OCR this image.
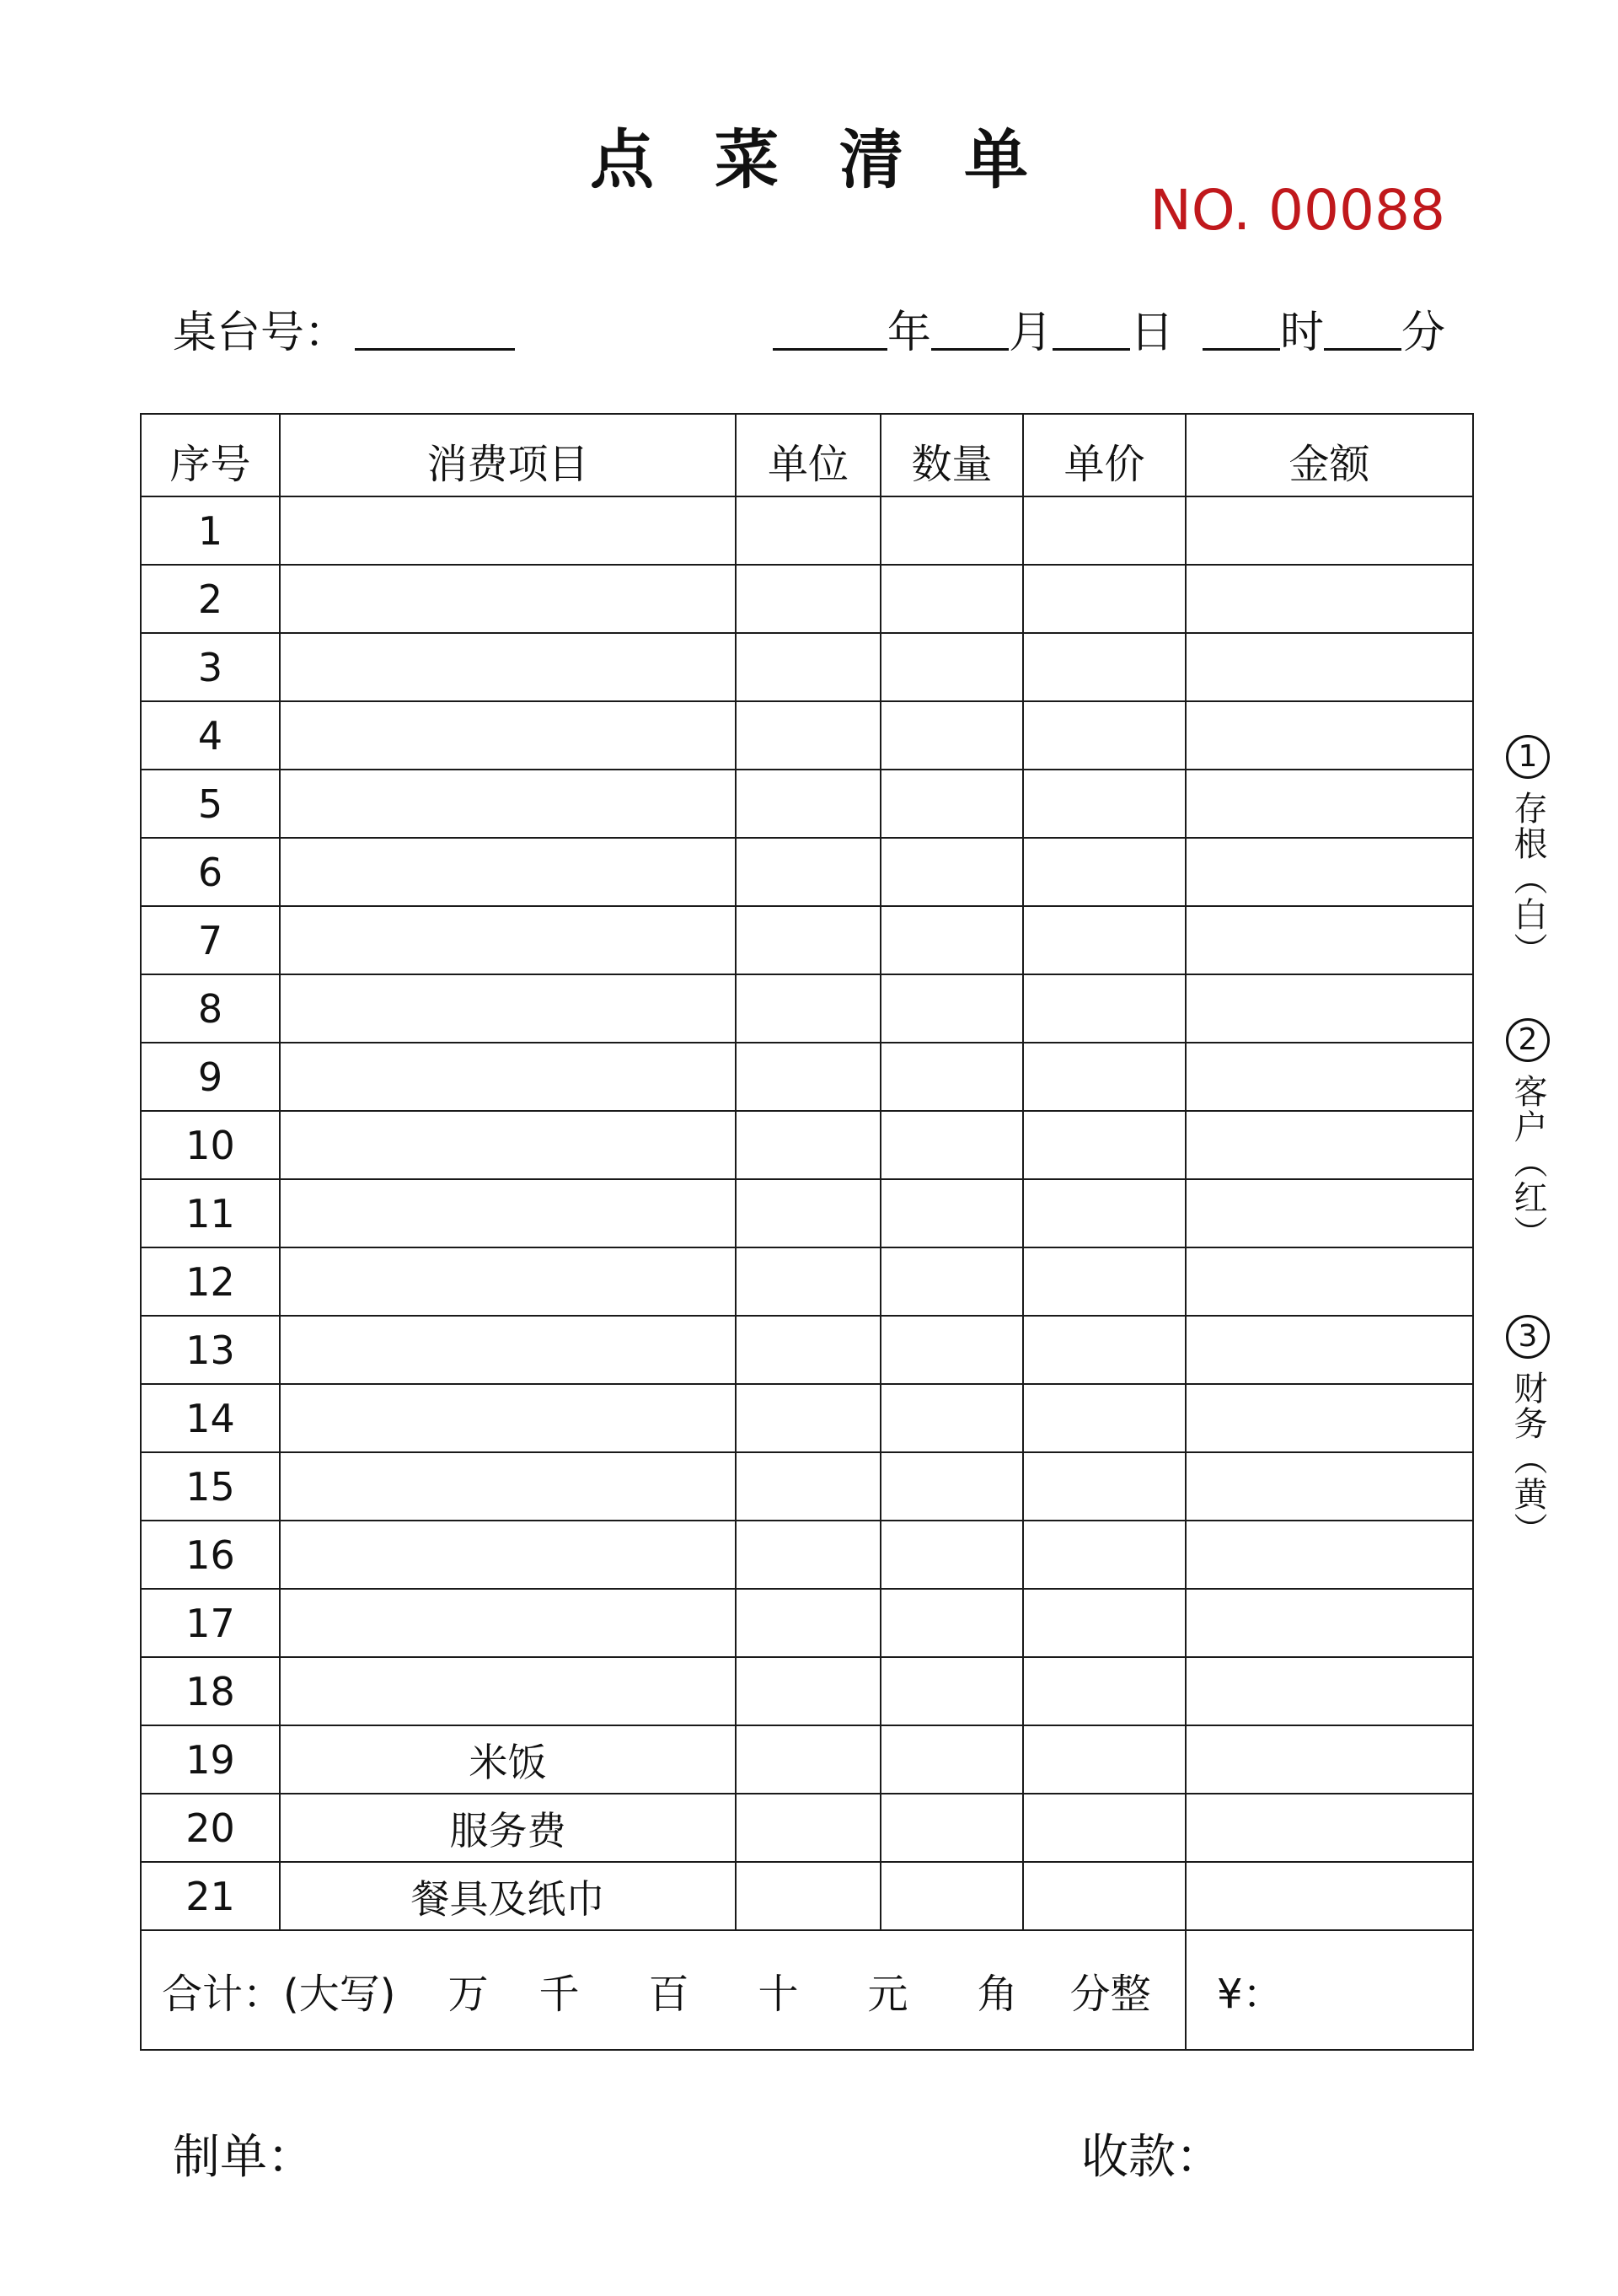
点菜清单
NO. 00088
桌台号：	年 月 日 时 分
序号	消费项目	单位	数量	单价	金额
1					
2					
3					
4					
5					
6					
7					
8					
9					
10					
11					
12					
13					
14					
15					
16					
17					
18					
19	米饭				
20	服务费				
21	餐具及纸巾				
合计：(大写) 万 千 百 十 元 角 分整					¥：
1
存根（白）
2
客户（红）
3
财务（黄）
制单：	收款：
